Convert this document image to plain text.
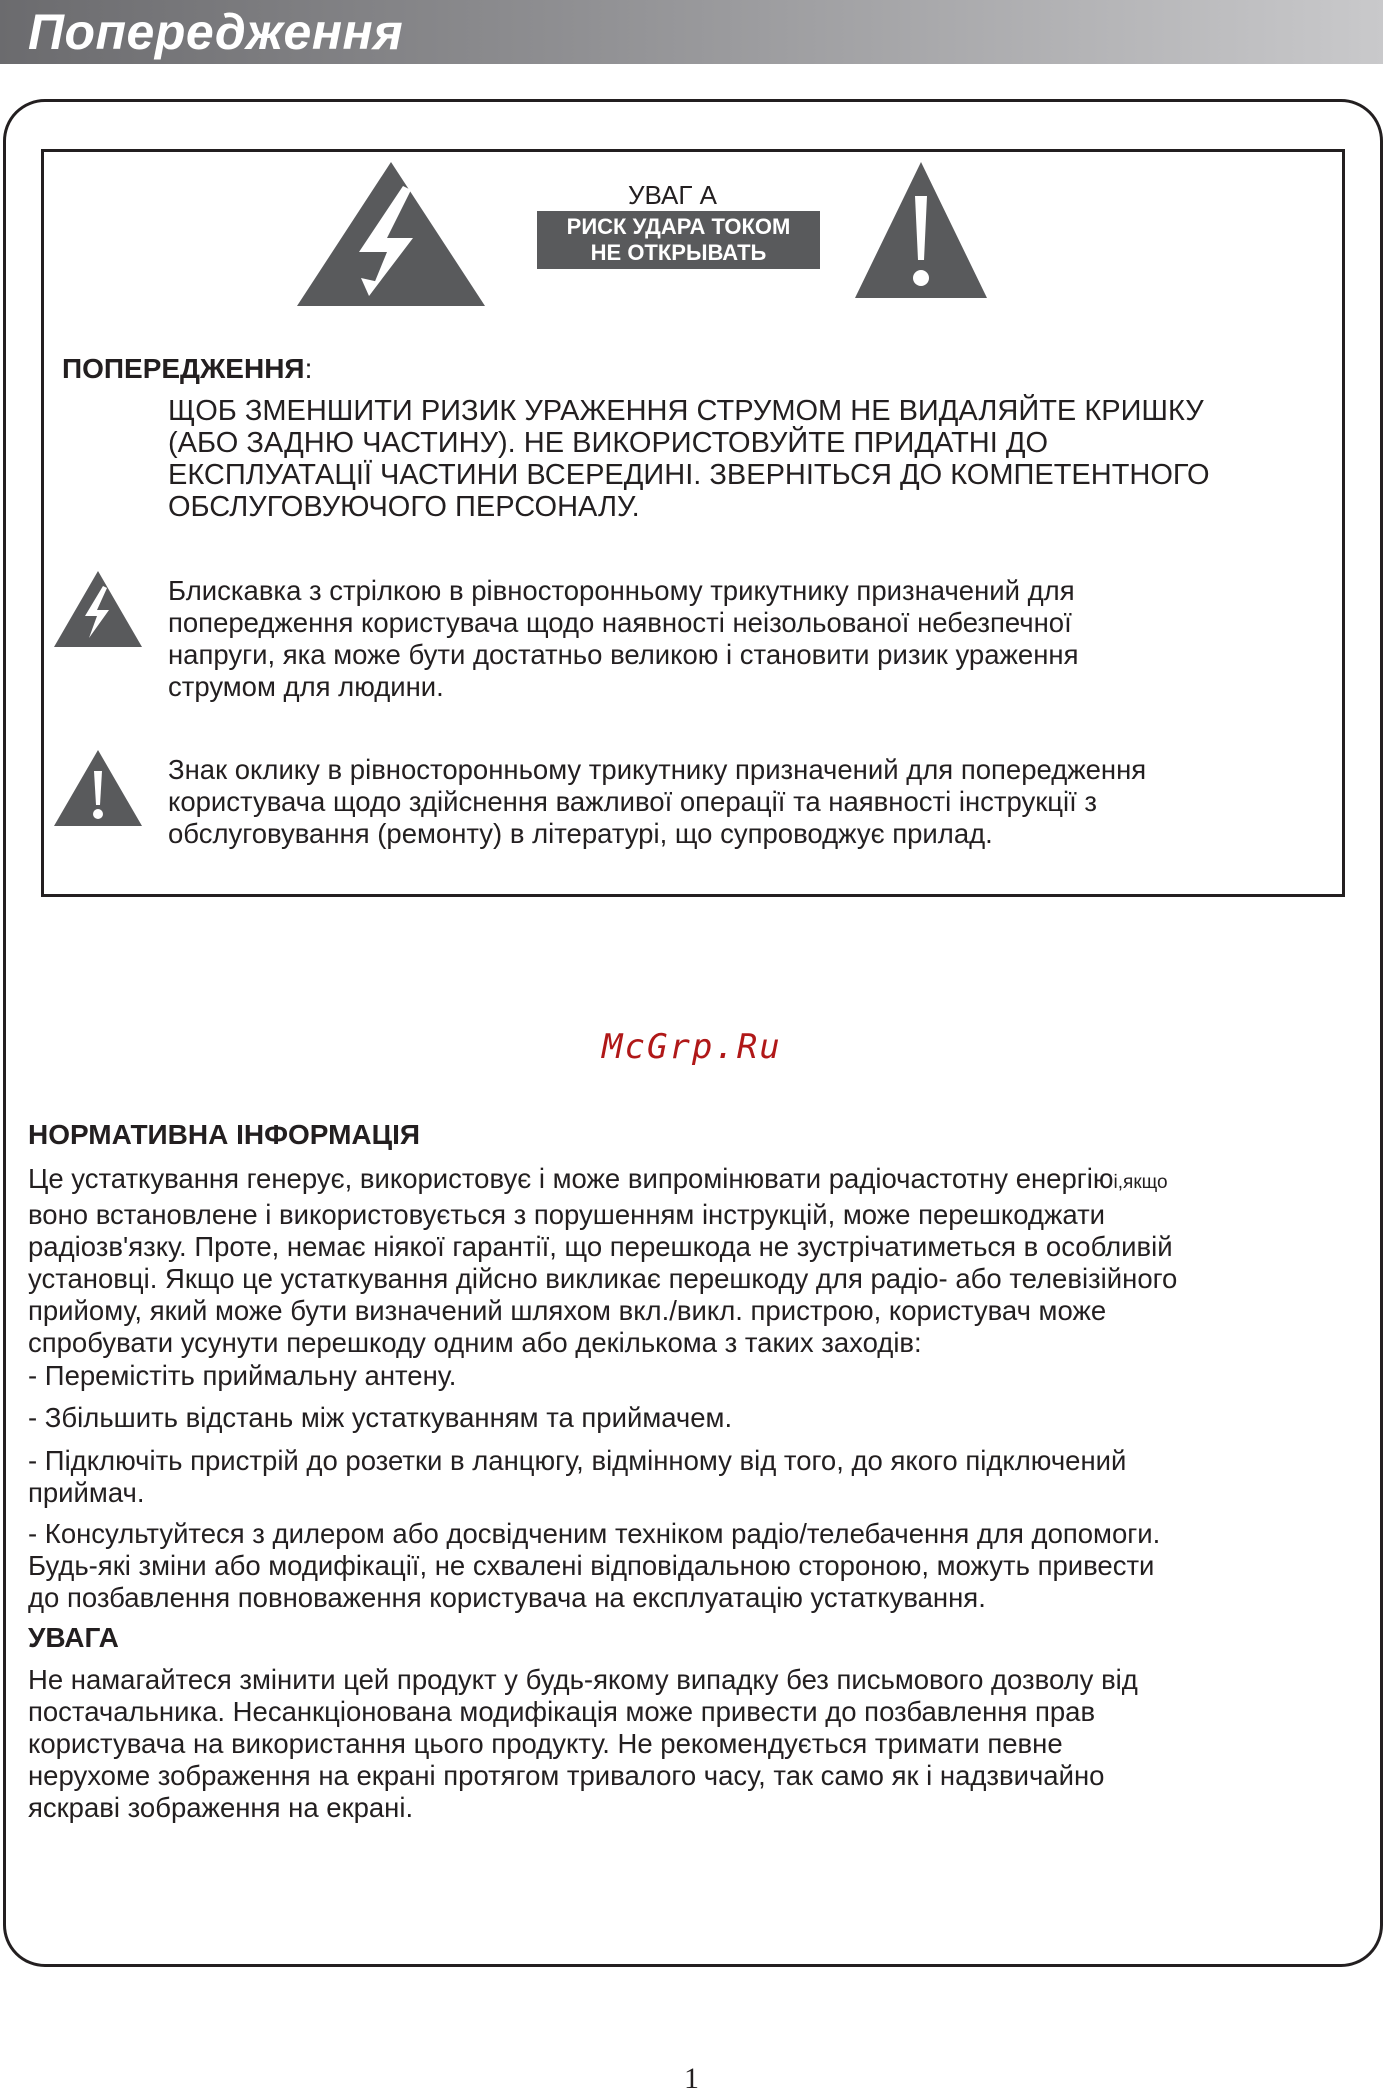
Попередження
УВАГ А
РИСК УДАРА ТОКОМ
НЕ ОТКРЫВАТЬ
ПОПЕРЕДЖЕННЯ:
ЩОБ ЗМЕНШИТИ РИЗИК УРАЖЕННЯ СТРУМОМ НЕ ВИДАЛЯЙТЕ КРИШКУ
(АБО ЗАДНЮ ЧАСТИНУ). НЕ ВИКОРИСТОВУЙТЕ ПРИДАТНІ ДО
ЕКСПЛУАТАЦІЇ ЧАСТИНИ ВСЕРЕДИНІ. ЗВЕРНІТЬСЯ ДО КОМПЕТЕНТНОГО
ОБСЛУГОВУЮЧОГО ПЕРСОНАЛУ.
Блискавка з стрілкою в рівносторонньому трикутнику призначений для
попередження користувача щодо наявності неізольованої небезпечної
напруги, яка може бути достатньо великою і становити ризик ураження
струмом для людини.
Знак оклику в рівносторонньому трикутнику призначений для попередження
користувача щодо здійснення важливої операції та наявності інструкції з
обслуговування (ремонту) в літературі, що супроводжує прилад.
McGrp.Ru
НОРМАТИВНА ІНФОРМАЦІЯ
Це устаткування генерує, використовує і може випромінювати радіочастотну енергіюі,якщо
воно встановлене і використовується з порушенням інструкцій, може перешкоджати
радіозв'язку. Проте, немає ніякої гарантії, що перешкода не зустрічатиметься в особливій
установці. Якщо це устаткування дійсно викликає перешкоду для радіо- або телевізійного
прийому, який може бути визначений шляхом вкл./викл. пристрою, користувач може
спробувати усунути перешкоду одним або декількома з таких заходів:
- Перемістіть приймальну антену.
- Збільшить відстань між устаткуванням та приймачем.
- Підключіть пристрій до розетки в ланцюгу, відмінному від того, до якого підключений
приймач.
- Консультуйтеся з дилером або досвідченим техніком радіо/телебачення для допомоги.
Будь-які зміни або модифікації, не схвалені відповідальною стороною, можуть привести
до позбавлення повноваження користувача на експлуатацію устаткування.
УВАГА
Не намагайтеся змінити цей продукт у будь-якому випадку без письмового дозволу від
постачальника. Несанкціонована модифікація може привести до позбавлення прав
користувача на використання цього продукту. Не рекомендується тримати певне
нерухоме зображення на екрані протягом тривалого часу, так само як і надзвичайно
яскраві зображення на екрані.
1
